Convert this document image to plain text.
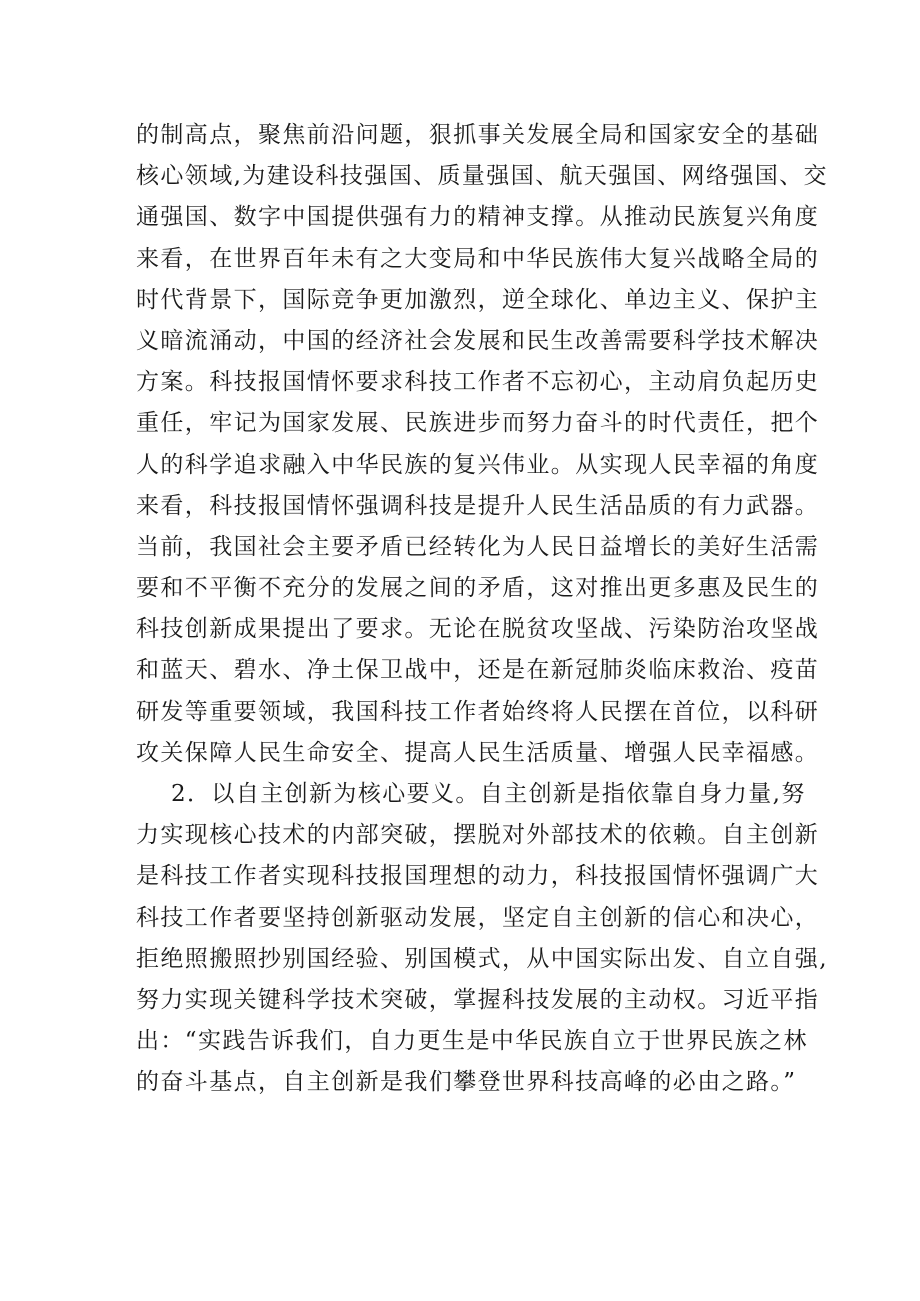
的制高点，聚焦前沿问题，狠抓事关发展全局和国家安全的基础
核心领域,为建设科技强国、质量强国、航天强国、网络强国、交
通强国、数字中国提供强有力的精神支撑。从推动民族复兴角度
来看，在世界百年未有之大变局和中华民族伟大复兴战略全局的
时代背景下，国际竞争更加激烈，逆全球化、单边主义、保护主
义暗流涌动，中国的经济社会发展和民生改善需要科学技术解决
方案。科技报国情怀要求科技工作者不忘初心，主动肩负起历史
重任，牢记为国家发展、民族进步而努力奋斗的时代责任，把个
人的科学追求融入中华民族的复兴伟业。从实现人民幸福的角度
来看，科技报国情怀强调科技是提升人民生活品质的有力武器。
当前，我国社会主要矛盾已经转化为人民日益增长的美好生活需
要和不平衡不充分的发展之间的矛盾，这对推出更多惠及民生的
科技创新成果提出了要求。无论在脱贫攻坚战、污染防治攻坚战
和蓝天、碧水、净土保卫战中，还是在新冠肺炎临床救治、疫苗
研发等重要领域，我国科技工作者始终将人民摆在首位，以科研
攻关保障人民生命安全、提高人民生活质量、增强人民幸福感。
2．以自主创新为核心要义。自主创新是指依靠自身力量,努
力实现核心技术的内部突破，摆脱对外部技术的依赖。自主创新
是科技工作者实现科技报国理想的动力，科技报国情怀强调广大
科技工作者要坚持创新驱动发展，坚定自主创新的信心和决心，
拒绝照搬照抄别国经验、别国模式，从中国实际出发、自立自强,
努力实现关键科学技术突破，掌握科技发展的主动权。习近平指
出：“实践告诉我们，自力更生是中华民族自立于世界民族之林
的奋斗基点，自主创新是我们攀登世界科技高峰的必由之路。”
